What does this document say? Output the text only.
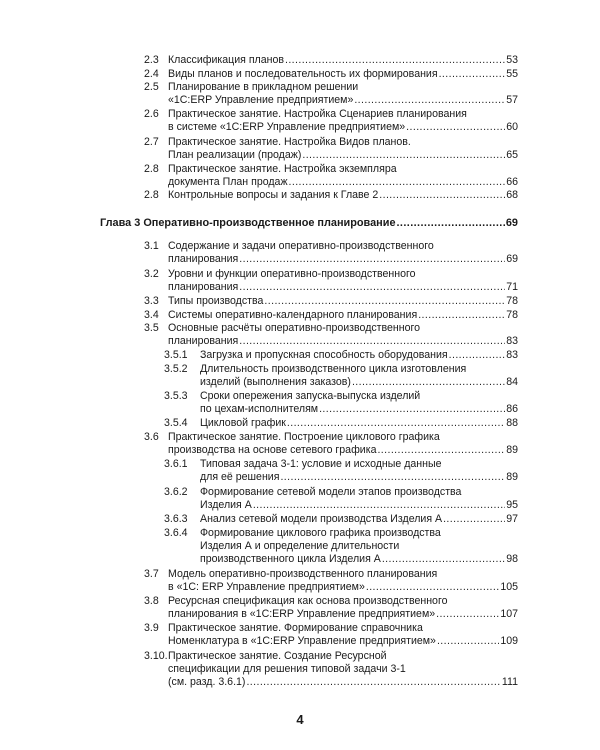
2.3 Классификация планов .....	53
2.4 Виды планов и последовательность их формирования .....	55
2.5 Планирование в прикладном решении
«1С:ERP Управление предприятием» .....	57
2.6 Практическое занятие. Настройка Сценариев планирования
в системе «1С:ERP Управление предприятием» .....	60
2.7 Практическое занятие. Настройка Видов планов.
План реализации (продаж) .....	65
2.8 Практическое занятие. Настройка экземпляра
документа План продаж .....	66
2.8 Контрольные вопросы и задания к Главе 2 .....	68
Глава 3 Оперативно-производственное планирование .....	69
3.1 Содержание и задачи оперативно-производственного
планирования .....	69
3.2 Уровни и функции оперативно-производственного
планирования .....	71
3.3 Типы производства .....	78
3.4 Системы оперативно-календарного планирования .....	78
3.5 Основные расчёты оперативно-производственного
планирования .....	83
3.5.1 Загрузка и пропускная способность оборудования .....	83
3.5.2 Длительность производственного цикла изготовления
изделий (выполнения заказов) .....	84
3.5.3 Сроки опережения запуска-выпуска изделий
по цехам-исполнителям .....	86
3.5.4 Цикловой график .....	88
3.6 Практическое занятие. Построение циклового графика
производства на основе сетевого графика .....	89
3.6.1 Типовая задача 3-1: условие и исходные данные
для её решения .....	89
3.6.2 Формирование сетевой модели этапов производства
Изделия А .....	95
3.6.3 Анализ сетевой модели производства Изделия А .....	97
3.6.4 Формирование циклового графика производства
Изделия А и определение длительности
производственного цикла Изделия А .....	98
3.7 Модель оперативно-производственного планирования
в «1С: ERP Управление предприятием» .....	105
3.8 Ресурсная спецификация как основа производственного
планирования в «1С:ERP Управление предприятием» .....	107
3.9 Практическое занятие. Формирование справочника
Номенклатура в «1С:ERP Управление предприятием» .....	109
3.10. Практическое занятие. Создание Ресурсной
спецификации для решения типовой задачи 3-1
(см. разд. 3.6.1) .....	111
4
